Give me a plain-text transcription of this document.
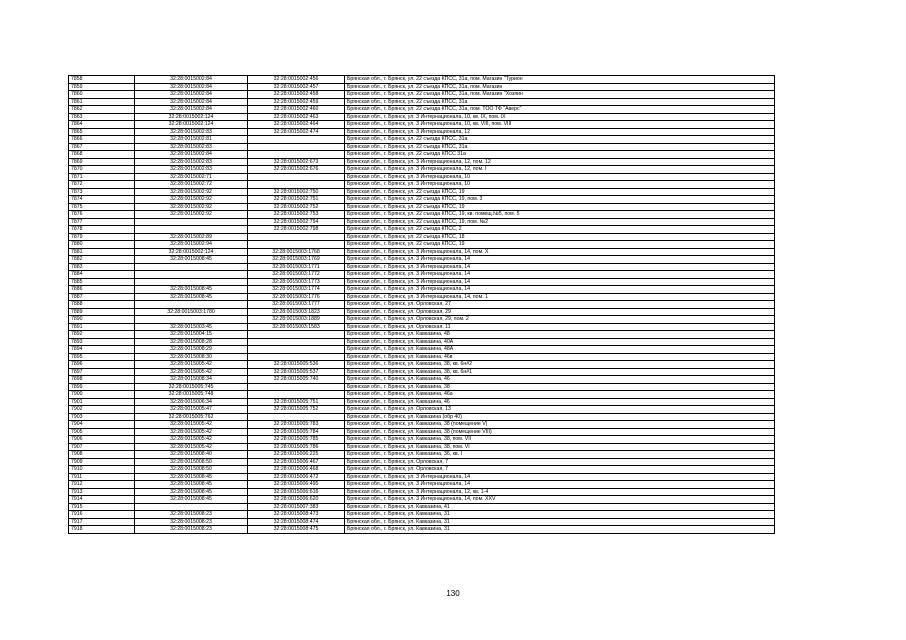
7858	32:28:0015002:84	32:28:0015002:456	Брянская обл., г. Брянск, ул. 22 съезда КПСС, 31а, пом. Магазин "Турион
7859	32:28:0015002:84	32:28:0015002:457	Брянская обл., г. Брянск, ул. 22 съезда КПСС, 31а, пом. Магазин
7860	32:28:0015002:84	32:28:0015002:458	Брянская обл., г. Брянск, ул. 22 съезда КПСС, 31а, пом. Магазин "Хозяин
7861	32:28:0015002:84	32:28:0015002:459	Брянская обл., г. Брянск, ул. 22 съезда КПСС, 31а
7862	32:28:0015002:84	32:28:0015002:460	Брянская обл., г. Брянск, ул. 22 съезда КПСС, 31а, пом. ТОО ТФ "Аверс"
7863	32:28:0015002:124	32:28:0015002:463	Брянская обл., г. Брянск, ул. 3 Интернационала, 10, кв. IX, пом. IX
7864	32:28:0015002:124	32:28:0015002:464	Брянская обл., г. Брянск, ул. 3 Интернационала, 10, кв. VIII, пом. VIII
7865	32:28:0015002:83	32:28:0015002:474	Брянская обл., г. Брянск, ул. 3 Интернационала, 12
7866	32:28:0015002:81		Брянская обл., г. Брянск, ул. 22 съезда КПСС, 31а
7867	32:28:0015002:83		Брянская обл., г. Брянск, ул. 22 съезда КПСС, 31а
7868	32:28:0015002:84		Брянская обл., г. Брянск, ул. 22 съезда КПСС 31а
7869	32:28:0015002:83	32:28:0015002:673	Брянская обл., г. Брянск, ул. 3 Интернационала, 12, пом. 12
7870	32:28:0015002:83	32:28:0015002:676	Брянская обл., г. Брянск, ул. 3 Интернационала, 12, пом. I
7871	32:28:0015002:71		Брянская обл., г. Брянск, ул. 3 Интернационала, 10
7872	32:28:0015002:72		Брянская обл., г. Брянск, ул. 3 Интернационала, 10
7873	32:28:0015002:92	32:28:0015002:750	Брянская обл., г. Брянск, ул. 22 съезда КПСС, 19
7874	32:28:0015002:92	32:28:0015002:751	Брянская обл., г. Брянск, ул. 22 съезда КПСС, 19, пом. 3
7875	32:28:0015002:92	32:28:0015002:752	Брянская обл., г. Брянск, ул. 22 съезда КПСС, 19
7876	32:28:0015002:92	32:28:0015002:753	Брянская обл., г. Брянск, ул. 22 съезда КПСС, 19, кв. помещ.№5, пом. 5
7877		32:28:0015002:794	Брянская обл., г. Брянск, ул. 22 съезда КПСС, 19, пом. №2
7878		32:28:0015002:798	Брянская обл., г. Брянск, ул. 22 съезда КПСС, 2
7879	32:28:0015002:89		Брянская обл., г. Брянск, ул. 22 съезда КПСС, 18
7880	32:28:0015002:94		Брянская обл., г. Брянск, ул. 22 съезда КПСС, 19
7881	32:28:0015002:124	32:28:0015003:1768	Брянская обл., г. Брянск, ул. 3 Интернационала, 14, пом. X
7882	32:28:0015008:45	32:28:0015003:1769	Брянская обл., г. Брянск, ул. 3 Интернационала, 14
7883		32:28:0015003:1771	Брянская обл., г. Брянск, ул. 3 Интернационала, 14
7884		32:28:0015003:1772	Брянская обл., г. Брянск, ул. 3 Интернационала, 14
7885		32:28:0015003:1773	Брянская обл., г. Брянск, ул. 3 Интернационала, 14
7886	32:28:0015008:45	32:28:0015003:1774	Брянская обл., г. Брянск, ул. 3 Интернационала, 14
7887	32:28:0015008:45	32:28:0015003:1776	Брянская обл., г. Брянск, ул. 3 Интернационала, 14, пом. 1
7888		32:28:0015003:1777	Брянская обл., г. Брянск, ул. Орловская, 27
7889	32:28:0015003:1780	32:28:0015003:1823	Брянская обл., г. Брянск, ул. Орловская, 29
7890		32:28:0015003:1889	Брянская обл., г. Брянск, ул. Орловская, 29, пом. 2
7891	32:28:0015003:45	32:28:0015003:1583	Брянская обл., г. Брянск, ул. Орловская, 11
7892	32:28:0015004:15		Брянская обл., г. Брянск, ул. Кавказина, 48
7893	32:28:0015008:28		Брянская обл., г. Брянск, ул. Кавказина, 40А
7894	32:28:0015008:29		Брянская обл., г. Брянск, ул. Кавказина, 48А
7895	32:28:0015008:30		Брянская обл., г. Брянск, ул. Кавказина, 46в
7896	32:28:0015005:42	32:28:0015005:536	Брянская обл., г. Брянск, ул. Кавказина, 38, кв. 6н#2
7897	32:28:0015005:42	32:28:0015005:537	Брянская обл., г. Брянск, ул. Кавказина, 38, кв. 6н#1
7898	32:28:0015008:34	32:28:0015005:740	Брянская обл., г. Брянск, ул. Кавказина, 46
7899	32:28:0015005:745		Брянская обл., г. Брянск, ул. Кавказина, 38
7900	32:28:0015005:748		Брянская обл., г. Брянск, ул. Кавказина, 46а
7901	32:28:0015006:34	32:28:0015005:751	Брянская обл., г. Брянск, ул. Кавказина, 46
7902	32:28:0015005:47	32:28:0015005:752	Брянская обл., г. Брянск, ул. Орловская, 13
7903	32:28:0015005:762		Брянская обл., г. Брянск, ул. Кавказина (обр 40)
7904	32:28:0015005:42	32:28:0015005:783	Брянская обл., г. Брянск, ул. Кавказина, 38 (помещение V)
7905	32:28:0015005:42	32:28:0015005:784	Брянская обл., г. Брянск, ул. Кавказина, 38 (помещение VIII)
7906	32:28:0015005:42	32:28:0015005:785	Брянская обл., г. Брянск, ул. Кавказина, 38, пом. VII
7907	32:28:0015005:42	32:28:0015005:786	Брянская обл., г. Брянск, ул. Кавказина, 38, пом. VI
7908	32:28:0015008:40	32:28:0015006:225	Брянская обл., г. Брянск, ул. Кавказина, 36, кв. I
7909	32:28:0015008:50	32:28:0015006:467	Брянская обл., г. Брянск, ул. Орловская, 7
7910	32:28:0015008:50	32:28:0015006:468	Брянская обл., г. Брянск, ул. Орловская, 7
7911	32:28:0015008:45	32:28:0015006:472	Брянская обл., г. Брянск, ул. 3 Интернационала, 14
7912	32:28:0015008:45	32:28:0015006:495	Брянская обл., г. Брянск, ул. 3 Интернационала, 14
7913	32:28:0015008:45	32:28:0015006:616	Брянская обл., г. Брянск, ул. 3 Интернационала, 12, кв. 1-4
7914	32:28:0015008:45	32:28:0015006:620	Брянская обл., г. Брянск, ул. 3 Интернационала, 14, пом. XXV
7915		32:28:0015007:383	Брянская обл., г. Брянск, ул. Кавказина, 41
7916	32:28:0015008:23	32:28:0015008:473	Брянская обл., г. Брянск, ул. Кавказина, 31
7917	32:28:0015008:23	32:28:0015008:474	Брянская обл., г. Брянск, ул. Кавказина, 31
7918	32:28:0015008:23	32:28:0015008:475	Брянская обл., г. Брянск, ул. Кавказина, 31
130
